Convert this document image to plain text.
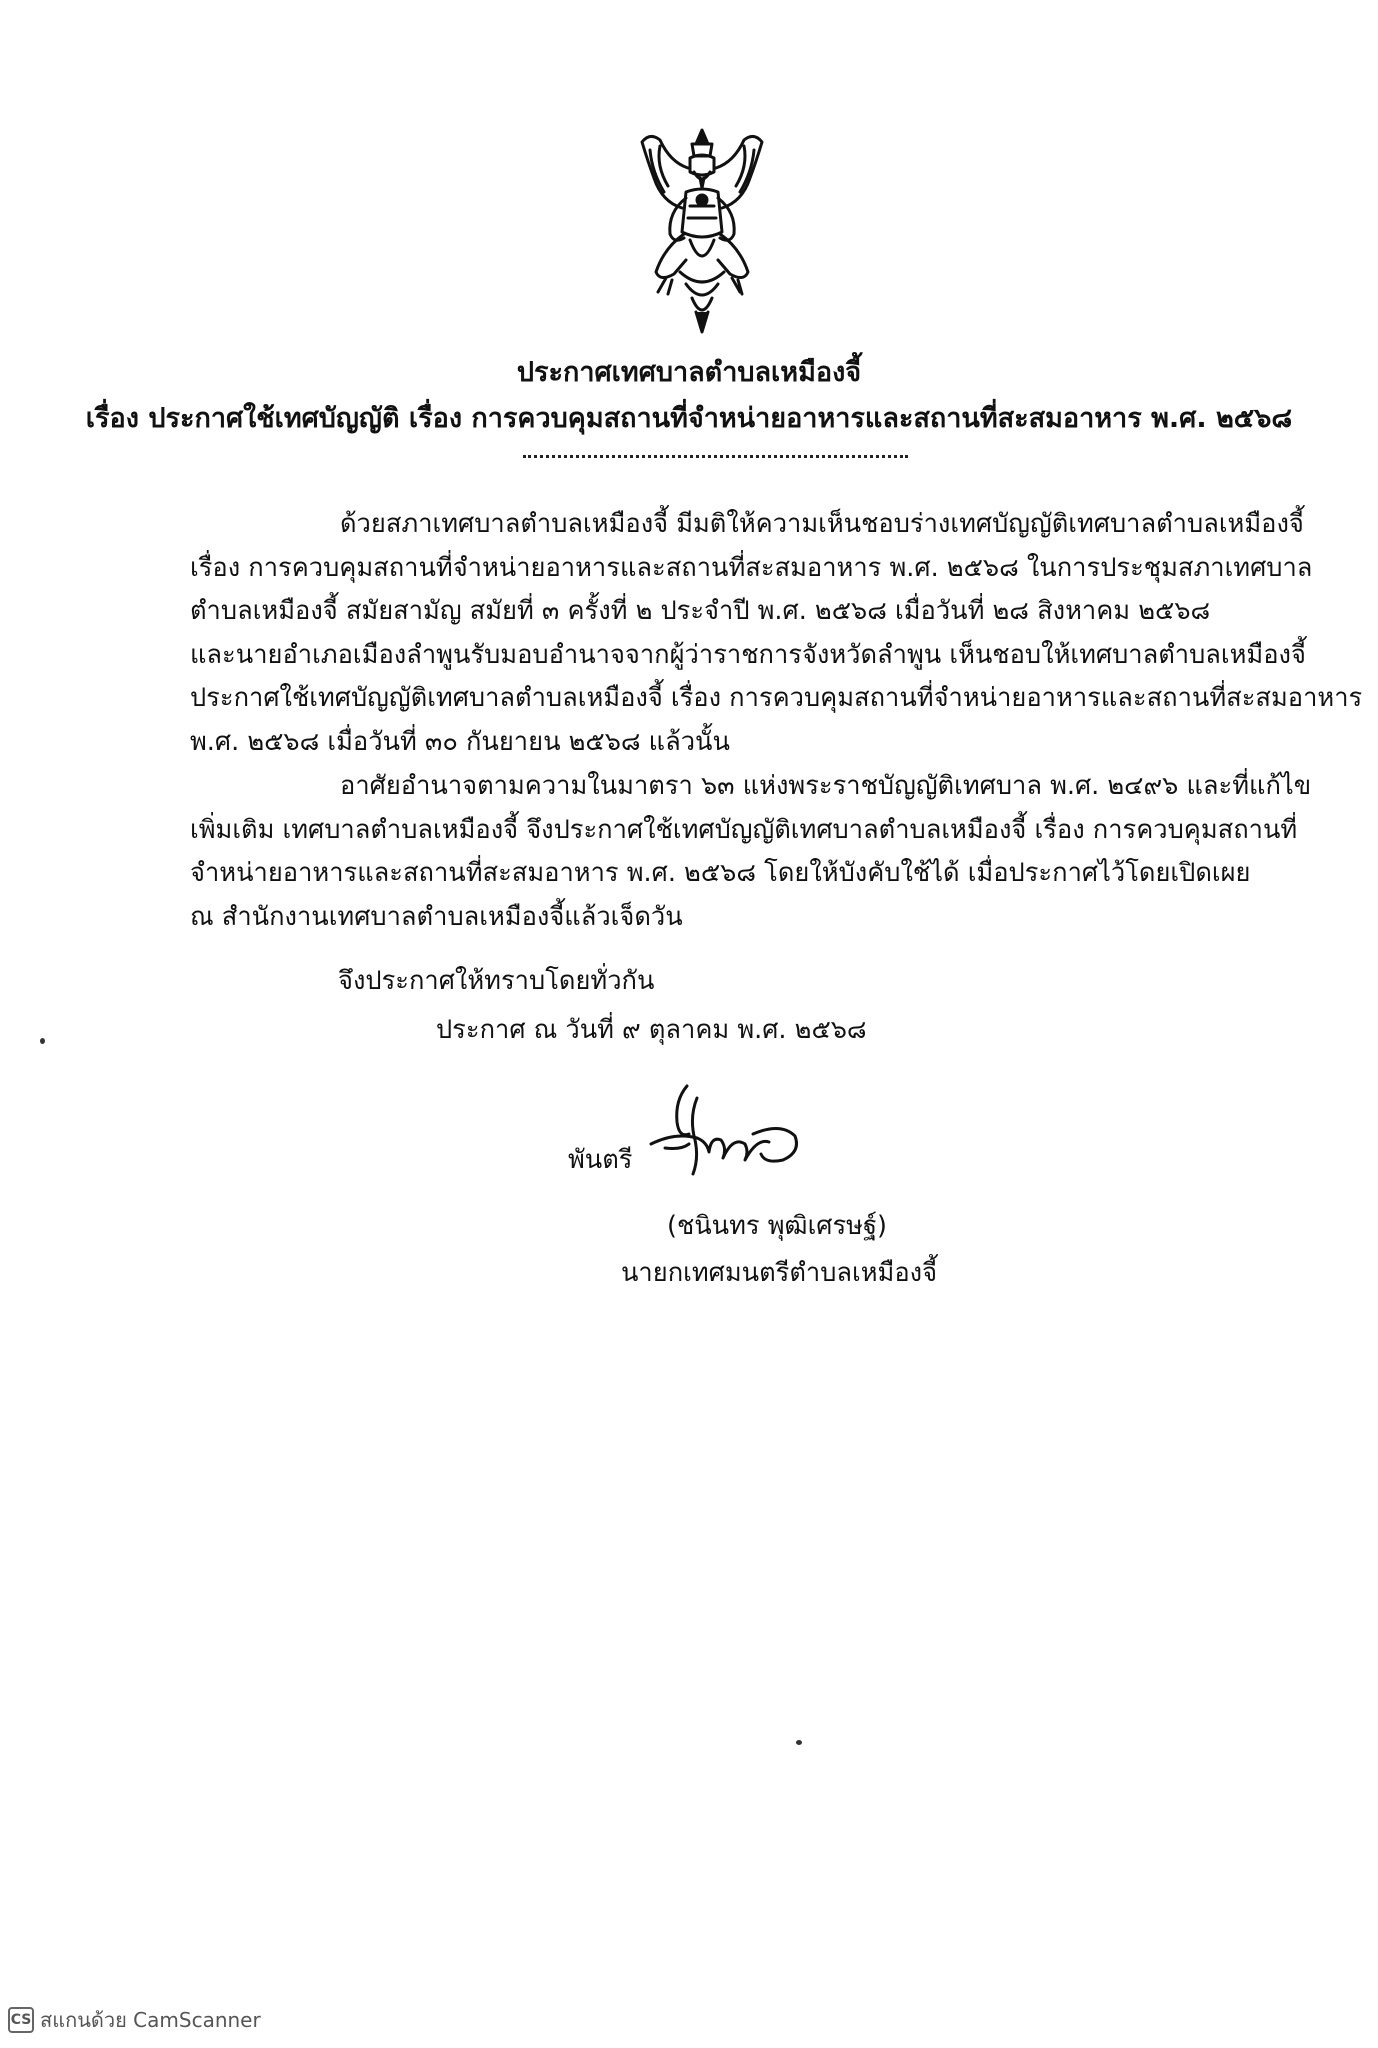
ประกาศเทศบาลตำบลเหมืองจี้
เรื่อง ประกาศใช้เทศบัญญัติ เรื่อง การควบคุมสถานที่จำหน่ายอาหารและสถานที่สะสมอาหาร พ.ศ. ๒๕๖๘
ด้วยสภาเทศบาลตำบลเหมืองจี้ มีมติให้ความเห็นชอบร่างเทศบัญญัติเทศบาลตำบลเหมืองจี้
เรื่อง การควบคุมสถานที่จำหน่ายอาหารและสถานที่สะสมอาหาร พ.ศ. ๒๕๖๘ ในการประชุมสภาเทศบาล
ตำบลเหมืองจี้ สมัยสามัญ สมัยที่ ๓ ครั้งที่ ๒ ประจำปี พ.ศ. ๒๕๖๘ เมื่อวันที่ ๒๘ สิงหาคม ๒๕๖๘
และนายอำเภอเมืองลำพูนรับมอบอำนาจจากผู้ว่าราชการจังหวัดลำพูน เห็นชอบให้เทศบาลตำบลเหมืองจี้
ประกาศใช้เทศบัญญัติเทศบาลตำบลเหมืองจี้ เรื่อง การควบคุมสถานที่จำหน่ายอาหารและสถานที่สะสมอาหาร
พ.ศ. ๒๕๖๘ เมื่อวันที่ ๓๐ กันยายน ๒๕๖๘ แล้วนั้น
อาศัยอำนาจตามความในมาตรา ๖๓ แห่งพระราชบัญญัติเทศบาล พ.ศ. ๒๔๙๖ และที่แก้ไข
เพิ่มเติม เทศบาลตำบลเหมืองจี้ จึงประกาศใช้เทศบัญญัติเทศบาลตำบลเหมืองจี้ เรื่อง การควบคุมสถานที่
จำหน่ายอาหารและสถานที่สะสมอาหาร พ.ศ. ๒๕๖๘ โดยให้บังคับใช้ได้ เมื่อประกาศไว้โดยเปิดเผย
ณ สำนักงานเทศบาลตำบลเหมืองจี้แล้วเจ็ดวัน
จึงประกาศให้ทราบโดยทั่วกัน
ประกาศ ณ วันที่ ๙ ตุลาคม พ.ศ. ๒๕๖๘
พันตรี
(ชนินทร พุฒิเศรษฐ์)
นายกเทศมนตรีตำบลเหมืองจี้
CS สแกนด้วย CamScanner
